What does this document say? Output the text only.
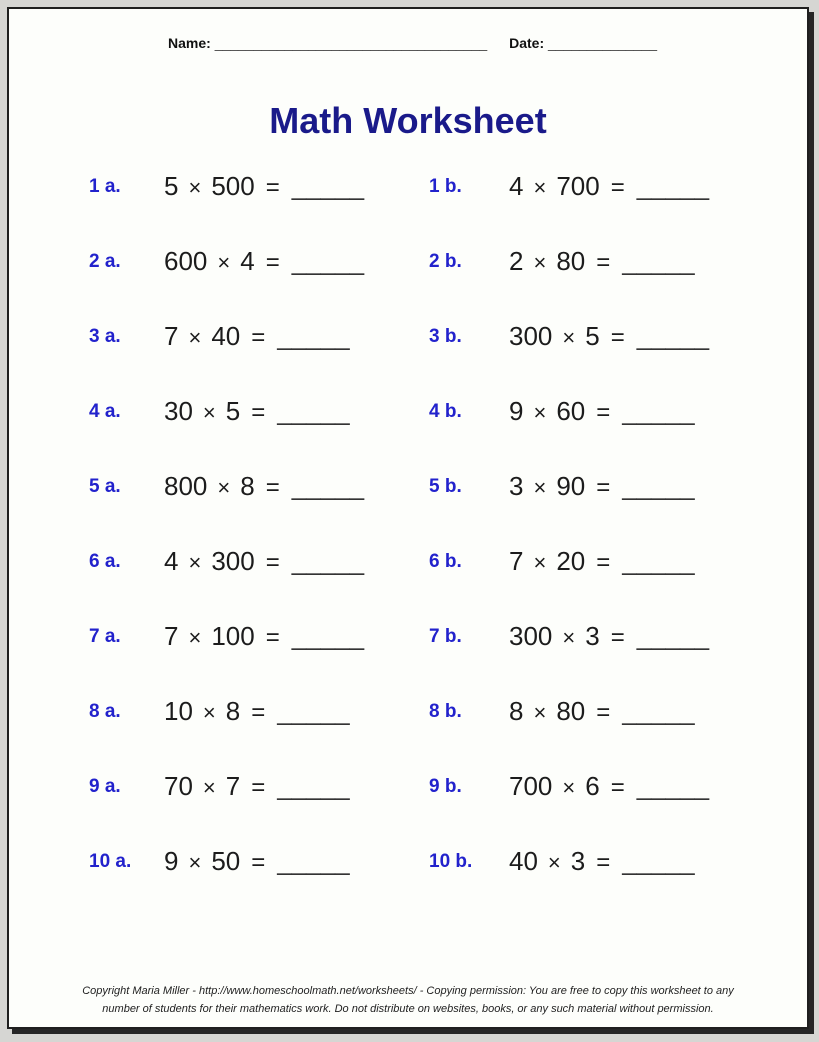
Name: ___________________________________ Date: ______________
Math Worksheet
1 a.	5 × 500 = _____	1 b.	4 × 700 = _____
2 a.	600 × 4 = _____	2 b.	2 × 80 = _____
3 a.	7 × 40 = _____	3 b.	300 × 5 = _____
4 a.	30 × 5 = _____	4 b.	9 × 60 = _____
5 a.	800 × 8 = _____	5 b.	3 × 90 = _____
6 a.	4 × 300 = _____	6 b.	7 × 20 = _____
7 a.	7 × 100 = _____	7 b.	300 × 3 = _____
8 a.	10 × 8 = _____	8 b.	8 × 80 = _____
9 a.	70 × 7 = _____	9 b.	700 × 6 = _____
10 a.	9 × 50 = _____	10 b.	40 × 3 = _____
Copyright Maria Miller - http://www.homeschoolmath.net/worksheets/ - Copying permission: You are free to copy this worksheet to any
number of students for their mathematics work. Do not distribute on websites, books, or any such material without permission.
